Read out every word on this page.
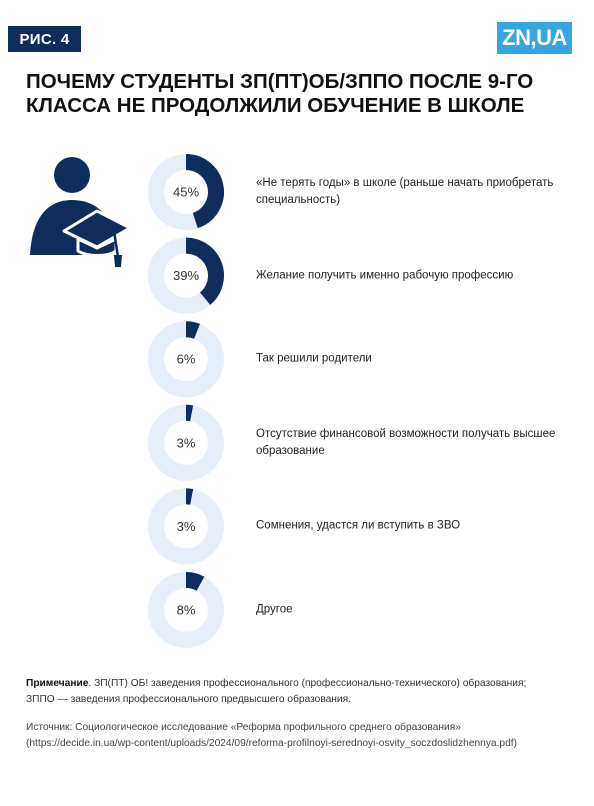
РИС. 4	ZN,UA
ПОЧЕМУ СТУДЕНТЫ ЗП(ПТ)ОБ/ЗППО ПОСЛЕ 9-ГО КЛАССА НЕ ПРОДОЛЖИЛИ ОБУЧЕНИЕ В ШКОЛЕ
45%
39%
6%
3%
3%
8%
«Не терять годы» в школе (раньше начать приобретать специальность)
Желание получить именно рабочую профессию
Так решили родители
Отсутствие финансовой возможности получать высшее образование
Сомнения, удастся ли вступить в ЗВО
Другое

Примечание. ЗП(ПТ) ОБ! заведения профессионального (профессионально-технического) образования; ЗППО — заведения профессионального предвысшего образования.

Источник: Социологическое исследование «Реформа профильного среднего образования» (https://decide.in.ua/wp-content/uploads/2024/09/reforma-profilnoyi-serednoyi-osvity_soczdoslidzhennya.pdf)
